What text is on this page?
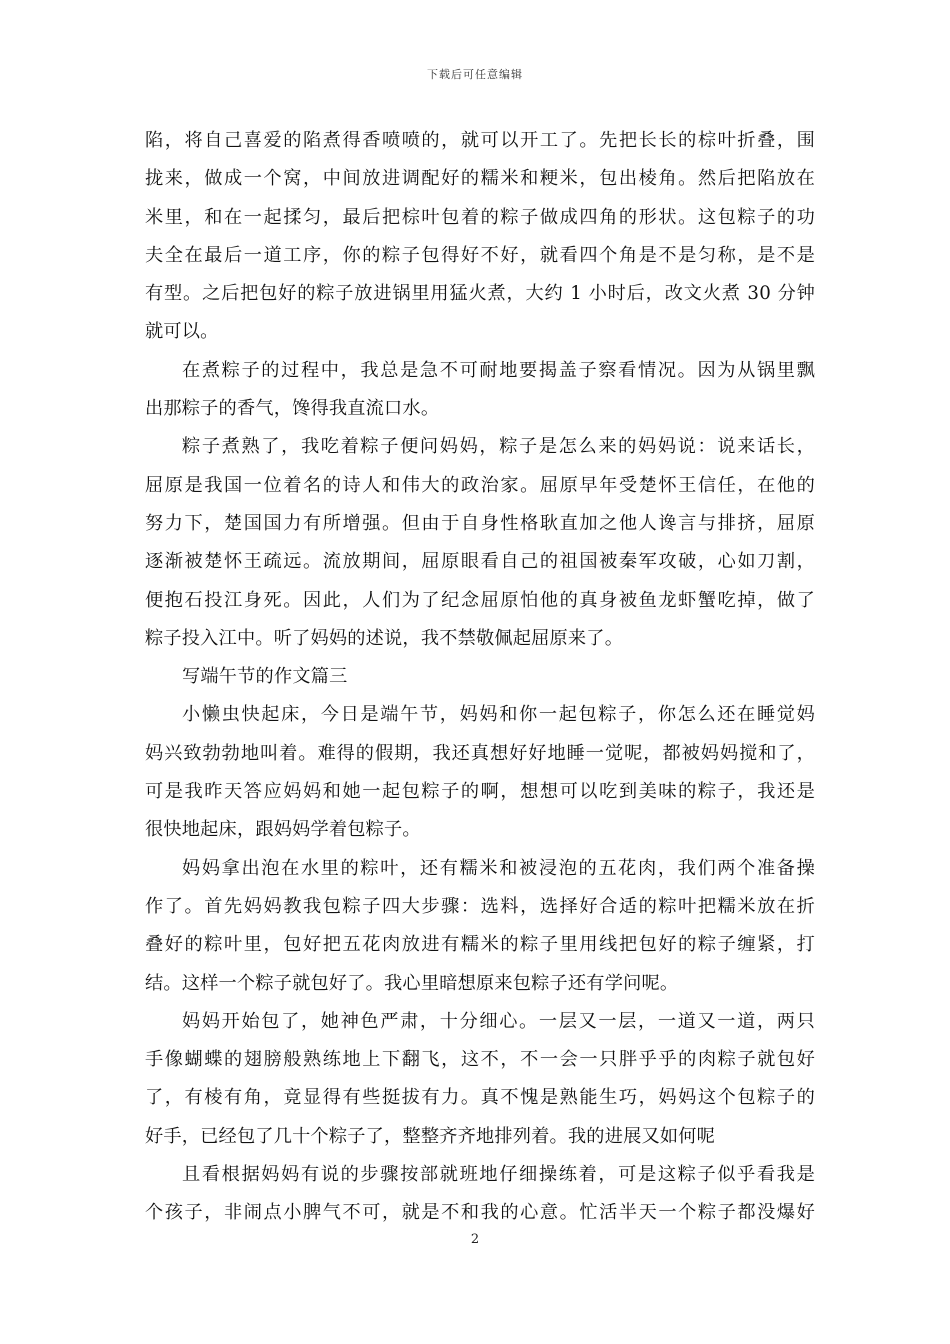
下载后可任意编辑
陷，将自己喜爱的陷煮得香喷喷的，就可以开工了。先把长长的棕叶折叠，围
拢来，做成一个窝，中间放进调配好的糯米和粳米，包出棱角。然后把陷放在
米里，和在一起揉匀，最后把棕叶包着的粽子做成四角的形状。这包粽子的功
夫全在最后一道工序，你的粽子包得好不好，就看四个角是不是匀称，是不是
有型。之后把包好的粽子放进锅里用猛火煮，大约 1 小时后，改文火煮 30 分钟
就可以。
在煮粽子的过程中，我总是急不可耐地要揭盖子察看情况。因为从锅里飘
出那粽子的香气，馋得我直流口水。
粽子煮熟了，我吃着粽子便问妈妈，粽子是怎么来的妈妈说：说来话长，
屈原是我国一位着名的诗人和伟大的政治家。屈原早年受楚怀王信任，在他的
努力下，楚国国力有所增强。但由于自身性格耿直加之他人谗言与排挤，屈原
逐渐被楚怀王疏远。流放期间，屈原眼看自己的祖国被秦军攻破，心如刀割，
便抱石投江身死。因此，人们为了纪念屈原怕他的真身被鱼龙虾蟹吃掉，做了
粽子投入江中。听了妈妈的述说，我不禁敬佩起屈原来了。
写端午节的作文篇三
小懒虫快起床，今日是端午节，妈妈和你一起包粽子，你怎么还在睡觉妈
妈兴致勃勃地叫着。难得的假期，我还真想好好地睡一觉呢，都被妈妈搅和了，
可是我昨天答应妈妈和她一起包粽子的啊，想想可以吃到美味的粽子，我还是
很快地起床，跟妈妈学着包粽子。
妈妈拿出泡在水里的粽叶，还有糯米和被浸泡的五花肉，我们两个准备操
作了。首先妈妈教我包粽子四大步骤：选料，选择好合适的粽叶把糯米放在折
叠好的粽叶里，包好把五花肉放进有糯米的粽子里用线把包好的粽子缠紧，打
结。这样一个粽子就包好了。我心里暗想原来包粽子还有学问呢。
妈妈开始包了，她神色严肃，十分细心。一层又一层，一道又一道，两只
手像蝴蝶的翅膀般熟练地上下翻飞，这不，不一会一只胖乎乎的肉粽子就包好
了，有棱有角，竟显得有些挺拔有力。真不愧是熟能生巧，妈妈这个包粽子的
好手，已经包了几十个粽子了，整整齐齐地排列着。我的进展又如何呢
且看根据妈妈有说的步骤按部就班地仔细操练着，可是这粽子似乎看我是
个孩子，非闹点小脾气不可，就是不和我的心意。忙活半天一个粽子都没爆好
2
